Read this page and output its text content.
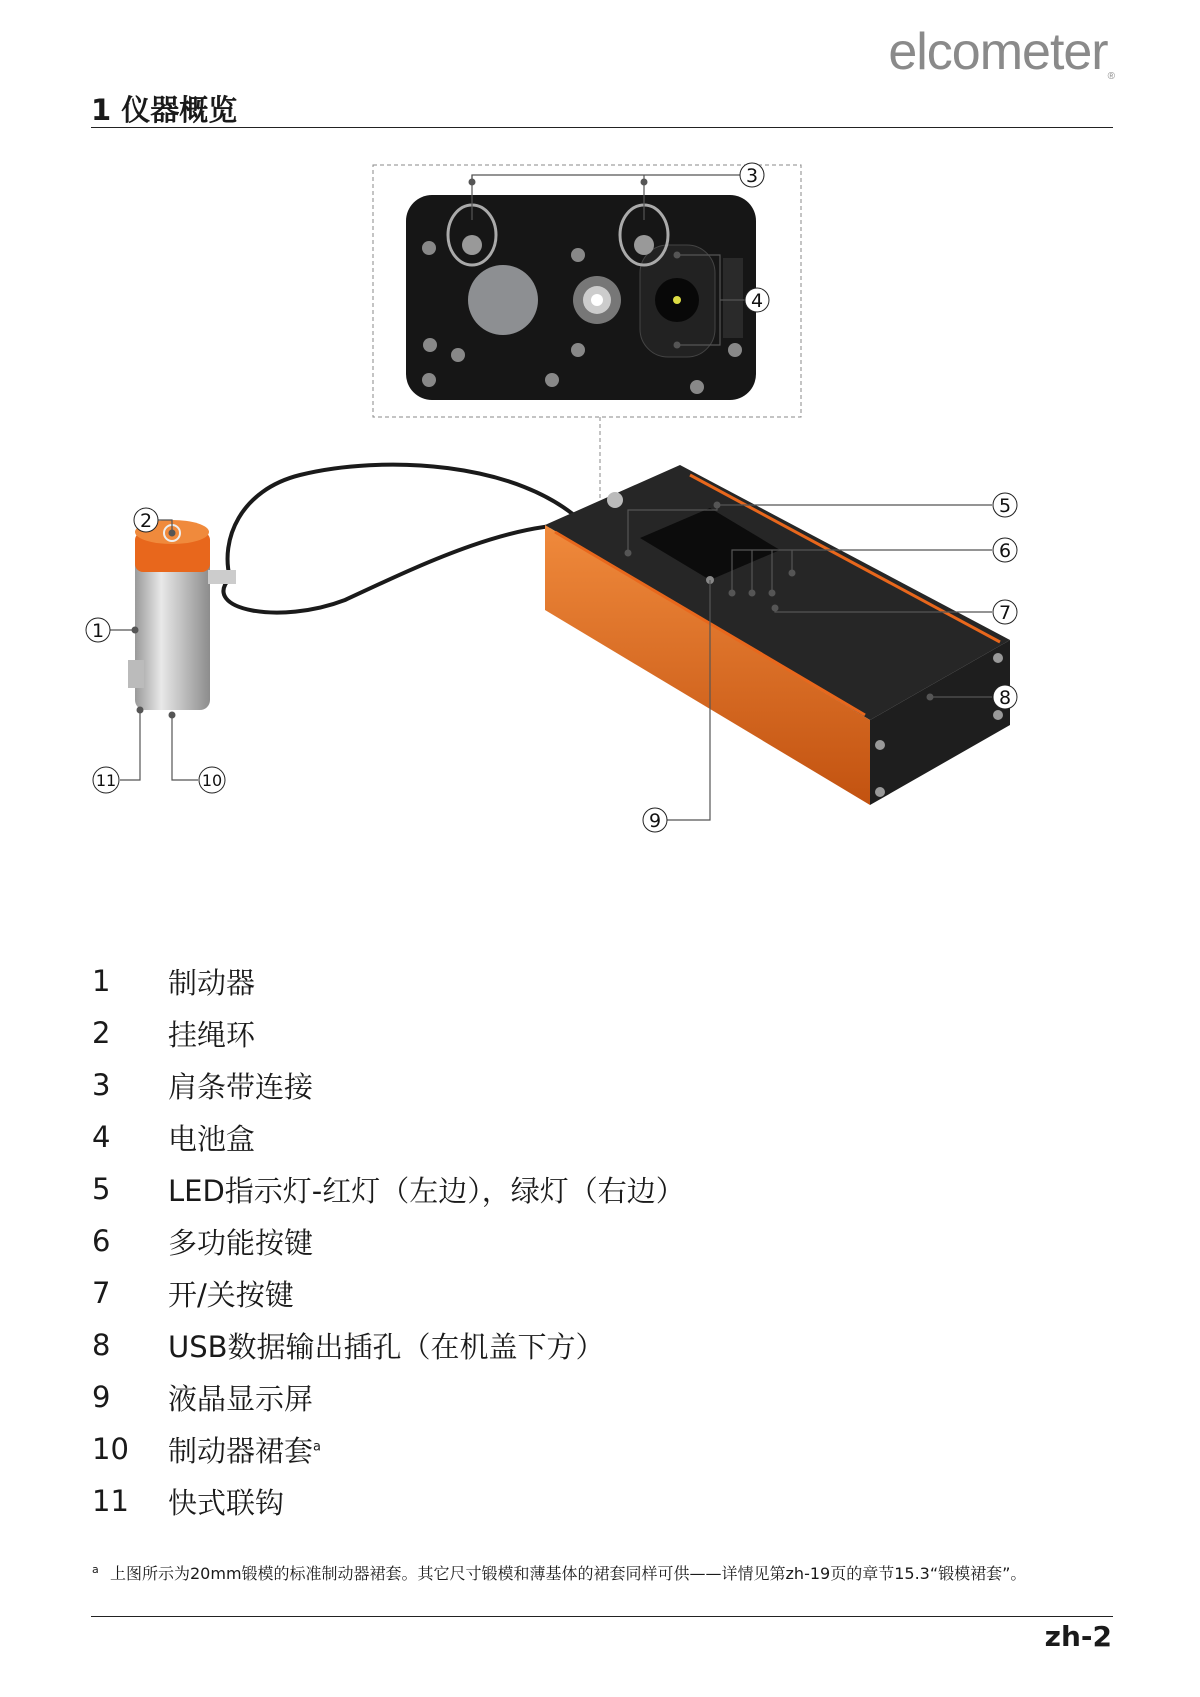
elcometer®
1 仪器概览
3
4
5
6
7
8
9
2
1
11	10
1	制动器
2	挂绳环
3	肩条带连接
4	电池盒
5	LED指示灯-红灯（左边），绿灯（右边）
6	多功能按键
7	开/关按键
8	USB数据输出插孔（在机盖下方）
9	液晶显示屏
10	制动器裙套$^a$
11	快式联钩
a 上图所示为20mm锻模的标准制动器裙套。其它尺寸锻模和薄基体的裙套同样可供——详情见第zh-19页的章节15.3“锻模裙套”。
zh-2
